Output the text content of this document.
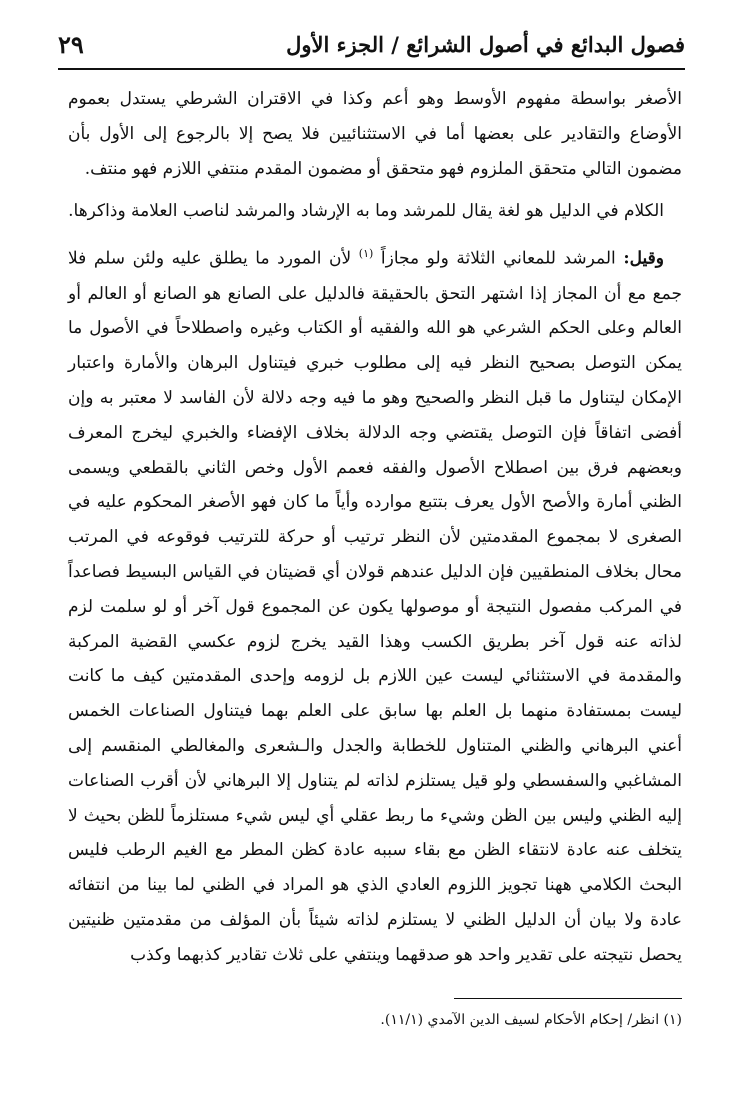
فصول البدائع في أصول الشرائع / الجزء الأول
٢٩

الأصغر بواسطة مفهوم الأوسط وهو أعم وكذا في الاقتران الشرطي يستدل بعموم الأوضاع والتقادير على بعضها أما في الاستثنائيين فلا يصح إلا بالرجوع إلى الأول بأن مضمون التالي متحقق الملزوم فهو متحقق أو مضمون المقدم منتفي اللازم فهو منتف.

الكلام في الدليل هو لغة يقال للمرشد وما به الإرشاد والمرشد لناصب العلامة وذاكرها.

وقيل: المرشد للمعاني الثلاثة ولو مجازاً $^{(١)}$ لأن المورد ما يطلق عليه ولئن سلم فلا جمع مع أن المجاز إذا اشتهر التحق بالحقيقة فالدليل على الصانع هو الصانع أو العالم أو العالم وعلى الحكم الشرعي هو الله والفقيه أو الكتاب وغيره واصطلاحاً في الأصول ما يمكن التوصل بصحيح النظر فيه إلى مطلوب خبري فيتناول البرهان والأمارة واعتبار الإمكان ليتناول ما قبل النظر والصحيح وهو ما فيه وجه دلالة لأن الفاسد لا معتبر به وإن أفضى اتفاقاً فإن التوصل يقتضي وجه الدلالة بخلاف الإفضاء والخبري ليخرج المعرف وبعضهم فرق بين اصطلاح الأصول والفقه فعمم الأول وخص الثاني بالقطعي ويسمى الظني أمارة والأصح الأول يعرف بتتبع موارده وأياً ما كان فهو الأصغر المحكوم عليه في الصغرى لا بمجموع المقدمتين لأن النظر ترتيب أو حركة للترتيب فوقوعه في المرتب محال بخلاف المنطقيين فإن الدليل عندهم قولان أي قضيتان في القياس البسيط فصاعداً في المركب مفصول النتيجة أو موصولها يكون عن المجموع قول آخر أو لو سلمت لزم لذاته عنه قول آخر بطريق الكسب وهذا القيد يخرج لزوم عكسي القضية المركبة والمقدمة في الاستثنائي ليست عين اللازم بل لزومه وإحدى المقدمتين كيف ما كانت ليست بمستفادة منهما بل العلم بها سابق على العلم بهما فيتناول الصناعات الخمس أعني البرهاني والظني المتناول للخطابة والجدل والـشعرى والمغالطي المنقسم إلى المشاغبي والسفسطي ولو قيل يستلزم لذاته لم يتناول إلا البرهاني لأن أقرب الصناعات إليه الظني وليس بين الظن وشيء ما ربط عقلي أي ليس شيء مستلزماً للظن بحيث لا يتخلف عنه عادة لانتقاء الظن مع بقاء سببه عادة كظن المطر مع الغيم الرطب فليس البحث الكلامي ههنا تجويز اللزوم العادي الذي هو المراد في الظني لما بينا من انتفائه عادة ولا بيان أن الدليل الظني لا يستلزم لذاته شيئاً بأن المؤلف من مقدمتين ظنيتين يحصل نتيجته على تقدير واحد هو صدقهما وينتفي على ثلاث تقادير كذبهما وكذب

(١) انظر/ إحكام الأحكام لسيف الدين الآمدي (١١/١).
